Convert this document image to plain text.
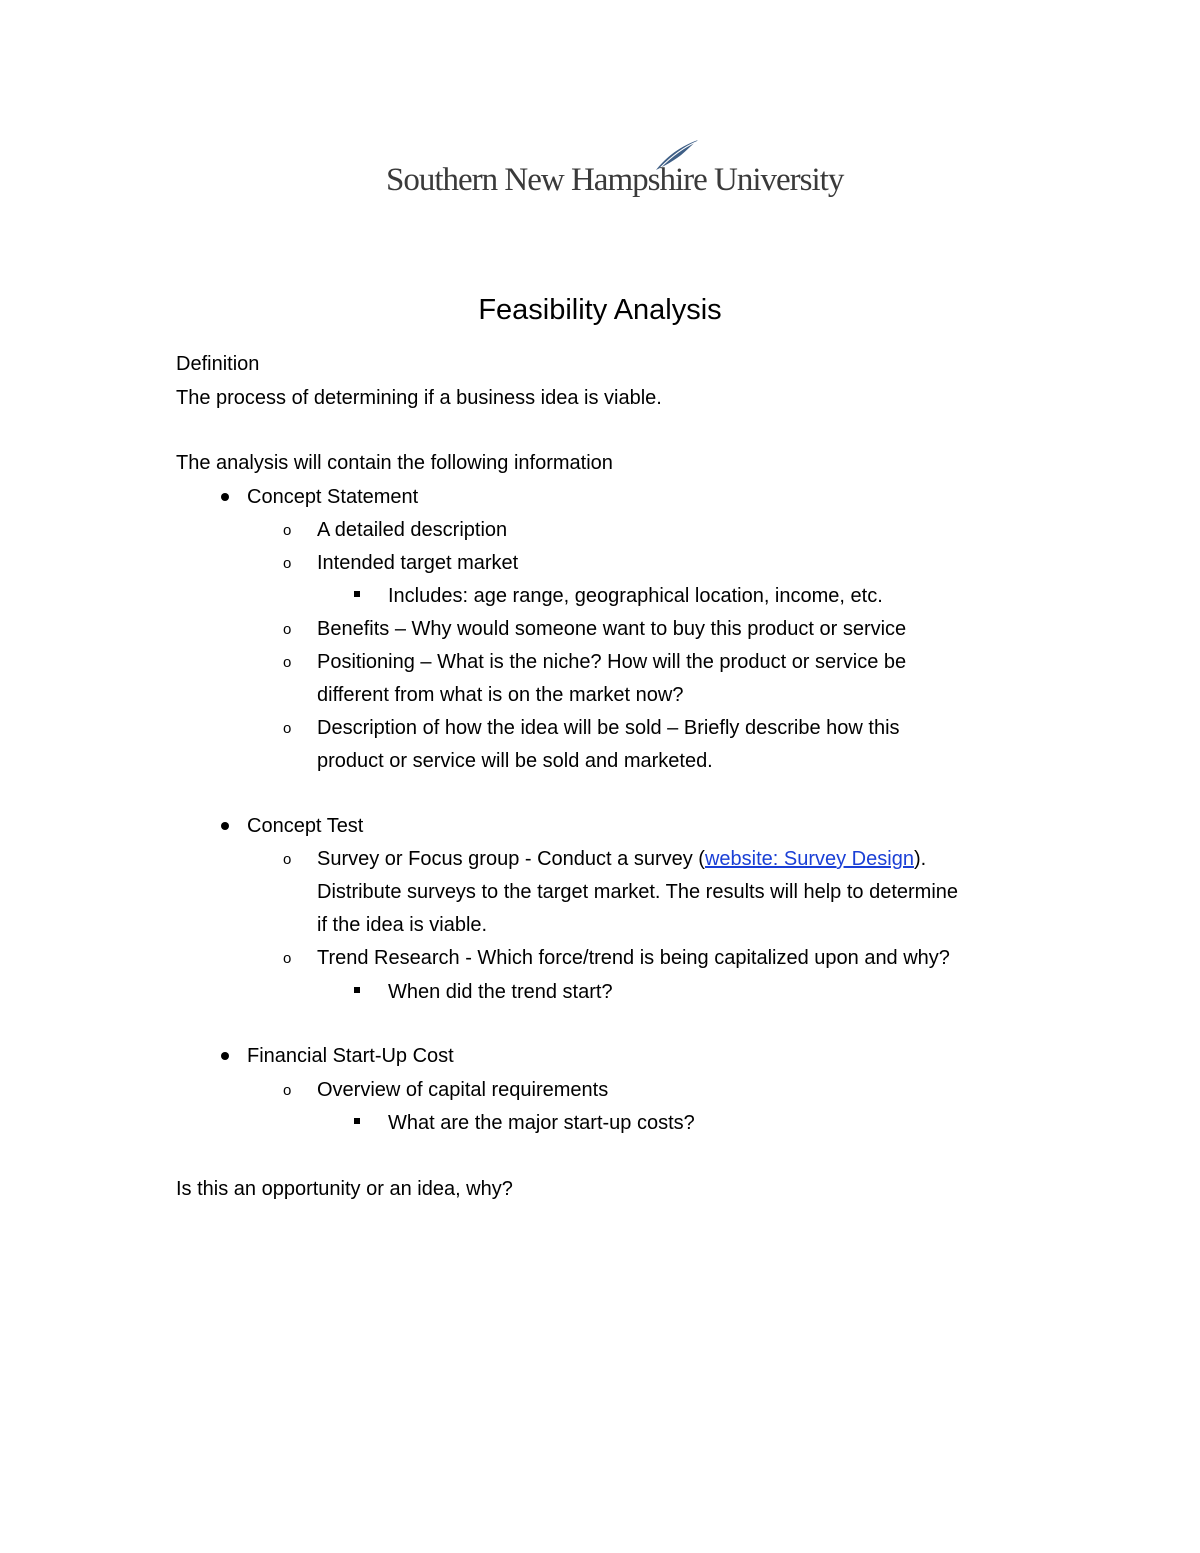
Southern New Hampshire University
Feasibility Analysis
Definition
The process of determining if a business idea is viable.
The analysis will contain the following information
Concept Statement
o A detailed description
o Intended target market
Includes: age range, geographical location, income, etc.
o Benefits – Why would someone want to buy this product or service
o Positioning – What is the niche? How will the product or service be
different from what is on the market now?
o Description of how the idea will be sold – Briefly describe how this
product or service will be sold and marketed.
Concept Test
o Survey or Focus group - Conduct a survey (website: Survey Design).
Distribute surveys to the target market. The results will help to determine
if the idea is viable.
o Trend Research - Which force/trend is being capitalized upon and why?
When did the trend start?
Financial Start-Up Cost
o Overview of capital requirements
What are the major start-up costs?
Is this an opportunity or an idea, why?
